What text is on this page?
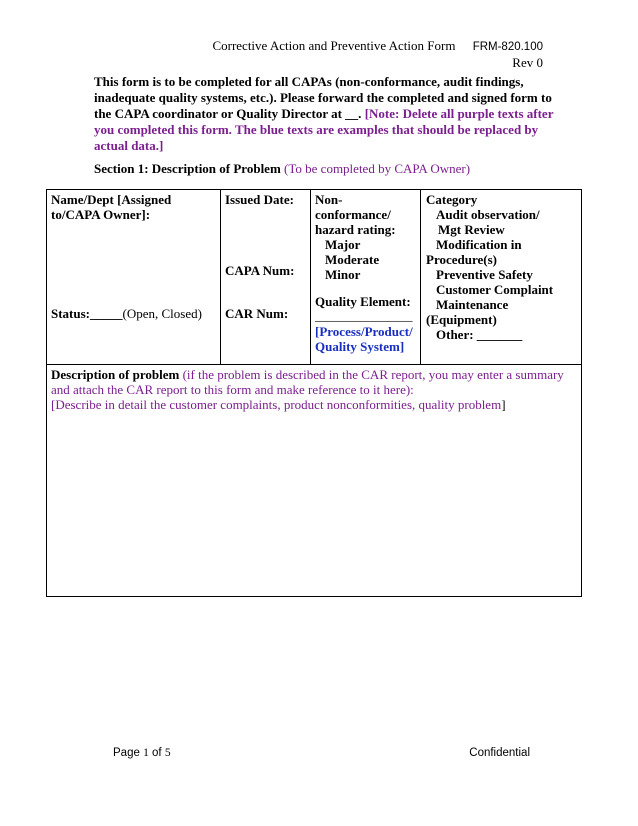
Corrective Action and Preventive Action Form FRM-820.100
Rev 0
This form is to be completed for all CAPAs (non-conformance, audit findings, inadequate quality systems, etc.). Please forward the completed and signed form to the CAPA coordinator or Quality Director at __. [Note: Delete all purple texts after you completed this form. The blue texts are examples that should be replaced by actual data.]
Section 1: Description of Problem (To be completed by CAPA Owner)
Name/Dept [Assigned to/CAPA Owner]:
Status:_____(Open, Closed)
Issued Date:
CAPA Num:
CAR Num:
Non-conformance/ hazard rating:
Major
Moderate
Minor
Quality Element:
_______________
[Process/Product/ Quality System]
Category
Audit observation/
Mgt Review
Modification in
Procedure(s)
Preventive Safety
Customer Complaint
Maintenance
(Equipment)
Other: _______
Description of problem (if the problem is described in the CAR report, you may enter a summary and attach the CAR report to this form and make reference to it here):
[Describe in detail the customer complaints, product nonconformities, quality problem]
Page 1 of 5	Confidential
